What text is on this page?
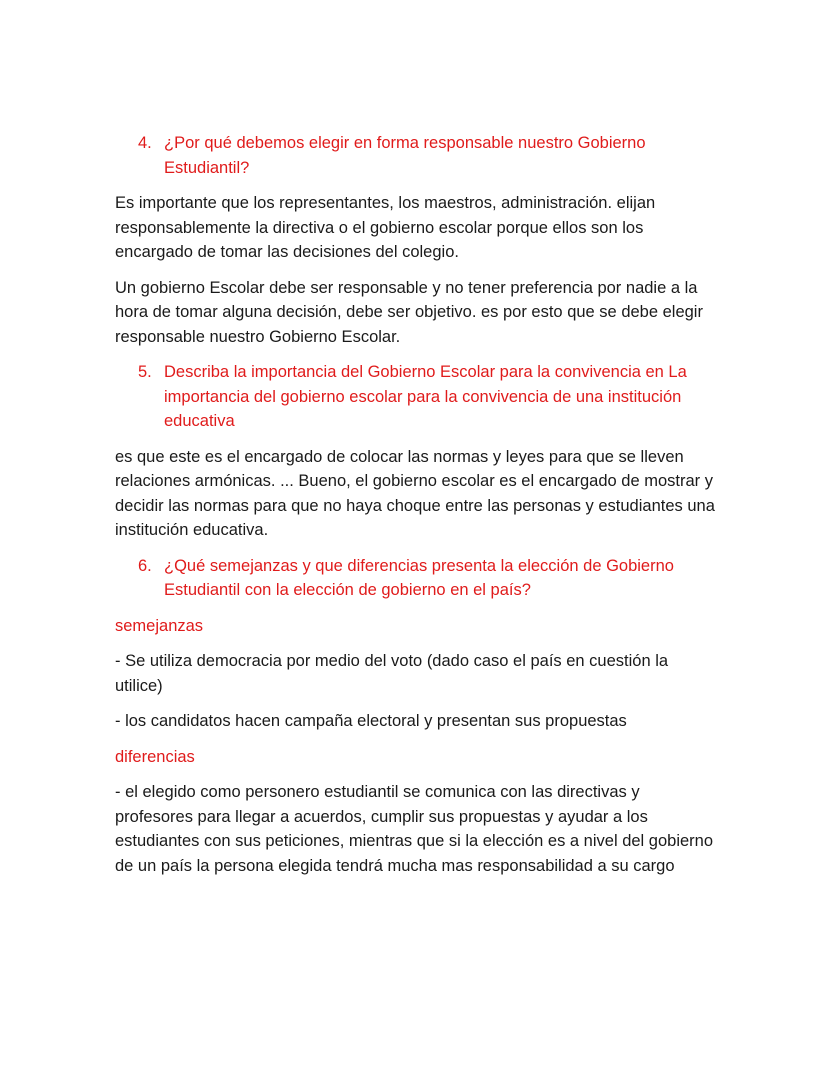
4. ¿Por qué debemos elegir en forma responsable nuestro Gobierno Estudiantil?

Es importante que los representantes, los maestros, administración. elijan responsablemente la directiva o el gobierno escolar porque ellos son los encargado de tomar las decisiones del colegio.

Un gobierno Escolar debe ser responsable y no tener preferencia por nadie a la hora de tomar alguna decisión, debe ser objetivo. es por esto que se debe elegir responsable nuestro Gobierno Escolar.

5. Describa la importancia del Gobierno Escolar para la convivencia en La importancia del gobierno escolar para la convivencia de una institución educativa

es que este es el encargado de colocar las normas y leyes para que se lleven relaciones armónicas. ... Bueno, el gobierno escolar es el encargado de mostrar y decidir las normas para que no haya choque entre las personas y estudiantes una institución educativa.

6. ¿Qué semejanzas y que diferencias presenta la elección de Gobierno Estudiantil con la elección de gobierno en el país?

semejanzas

- Se utiliza democracia por medio del voto (dado caso el país en cuestión la utilice)

- los candidatos hacen campaña electoral y presentan sus propuestas

diferencias

- el elegido como personero estudiantil se comunica con las directivas y profesores para llegar a acuerdos, cumplir sus propuestas y ayudar a los estudiantes con sus peticiones, mientras que si la elección es a nivel del gobierno de un país la persona elegida tendrá mucha mas responsabilidad a su cargo
